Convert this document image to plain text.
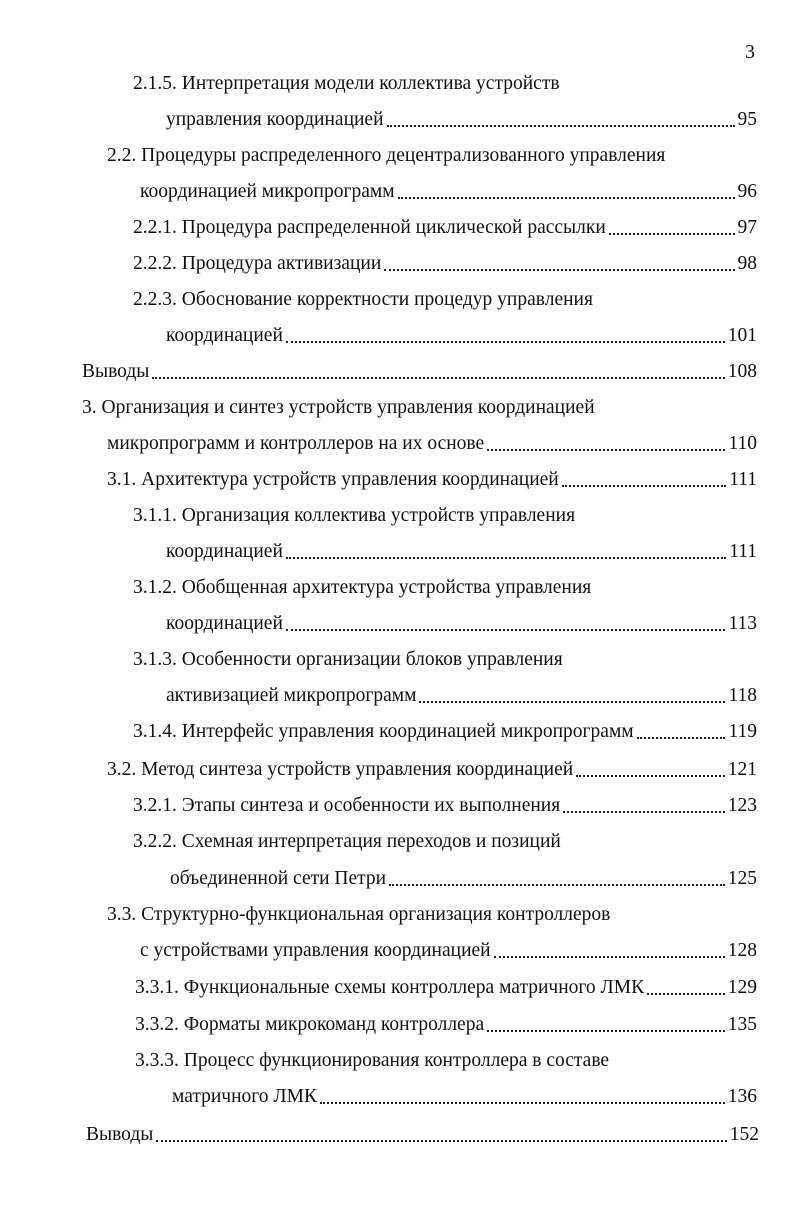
3
2.1.5. Интерпретация модели коллектива устройств
управления координацией	95
2.2. Процедуры распределенного децентрализованного управления
координацией микропрограмм	96
2.2.1. Процедура распределенной циклической рассылки	97
2.2.2. Процедура активизации	98
2.2.3. Обоснование корректности процедур управления
координацией	101
Выводы	108
3. Организация и синтез устройств управления координацией
микропрограмм и контроллеров на их основе	110
3.1. Архитектура устройств управления координацией	111
3.1.1. Организация коллектива устройств управления
координацией	111
3.1.2. Обобщенная архитектура устройства управления
координацией	113
3.1.3. Особенности организации блоков управления
активизацией микропрограмм	118
3.1.4. Интерфейс управления координацией микропрограмм	119
3.2. Метод синтеза устройств управления координацией	121
3.2.1. Этапы синтеза и особенности их выполнения	123
3.2.2. Схемная интерпретация переходов и позиций
объединенной сети Петри	125
3.3. Структурно-функциональная организация контроллеров
с устройствами управления координацией	128
3.3.1. Функциональные схемы контроллера матричного ЛМК	129
3.3.2. Форматы микрокоманд контроллера	135
3.3.3. Процесс функционирования контроллера в составе
матричного ЛМК	136
Выводы	152
